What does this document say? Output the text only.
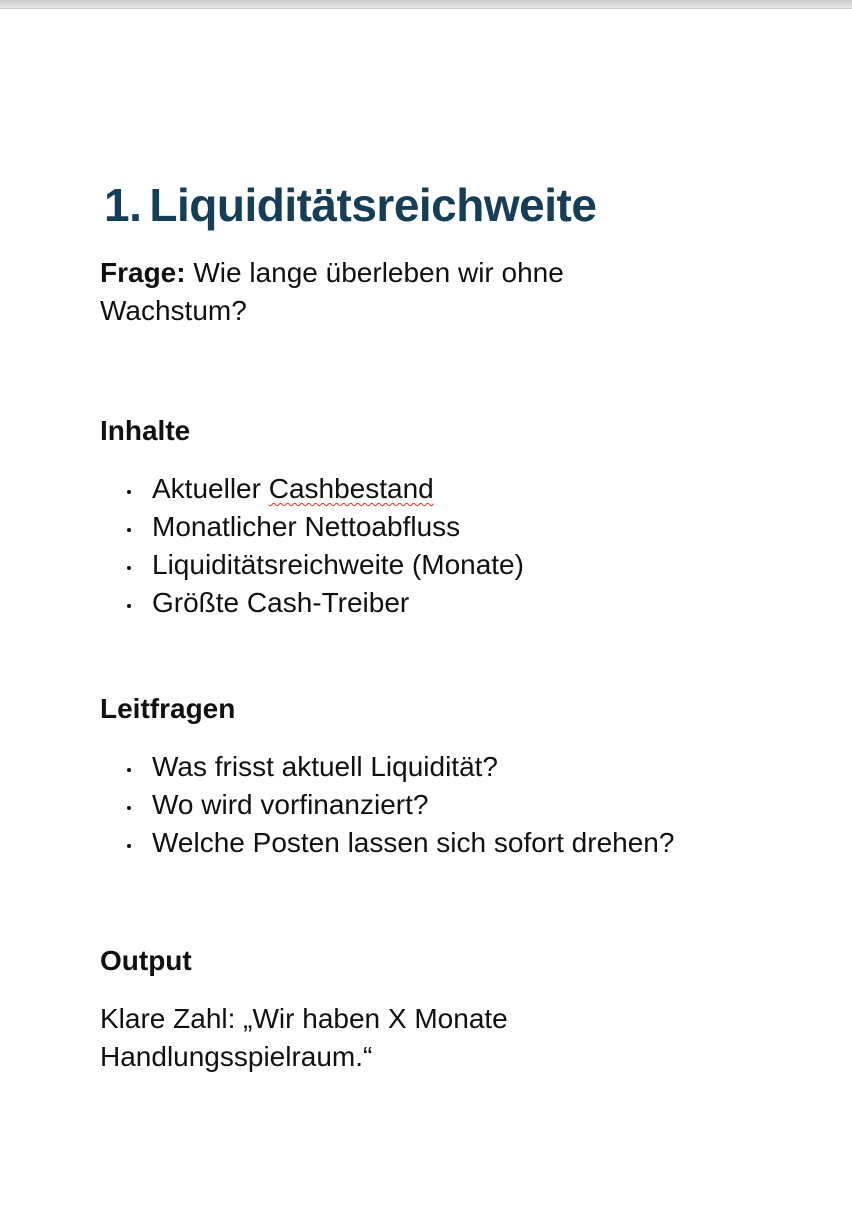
1. Liquiditätsreichweite

Frage: Wie lange überleben wir ohne Wachstum?

Inhalte
Aktueller Cashbestand
Monatlicher Nettoabfluss
Liquiditätsreichweite (Monate)
Größte Cash-Treiber
Leitfragen
Was frisst aktuell Liquidität?
Wo wird vorfinanziert?
Welche Posten lassen sich sofort drehen?
Output

Klare Zahl: „Wir haben X Monate Handlungsspielraum.“
